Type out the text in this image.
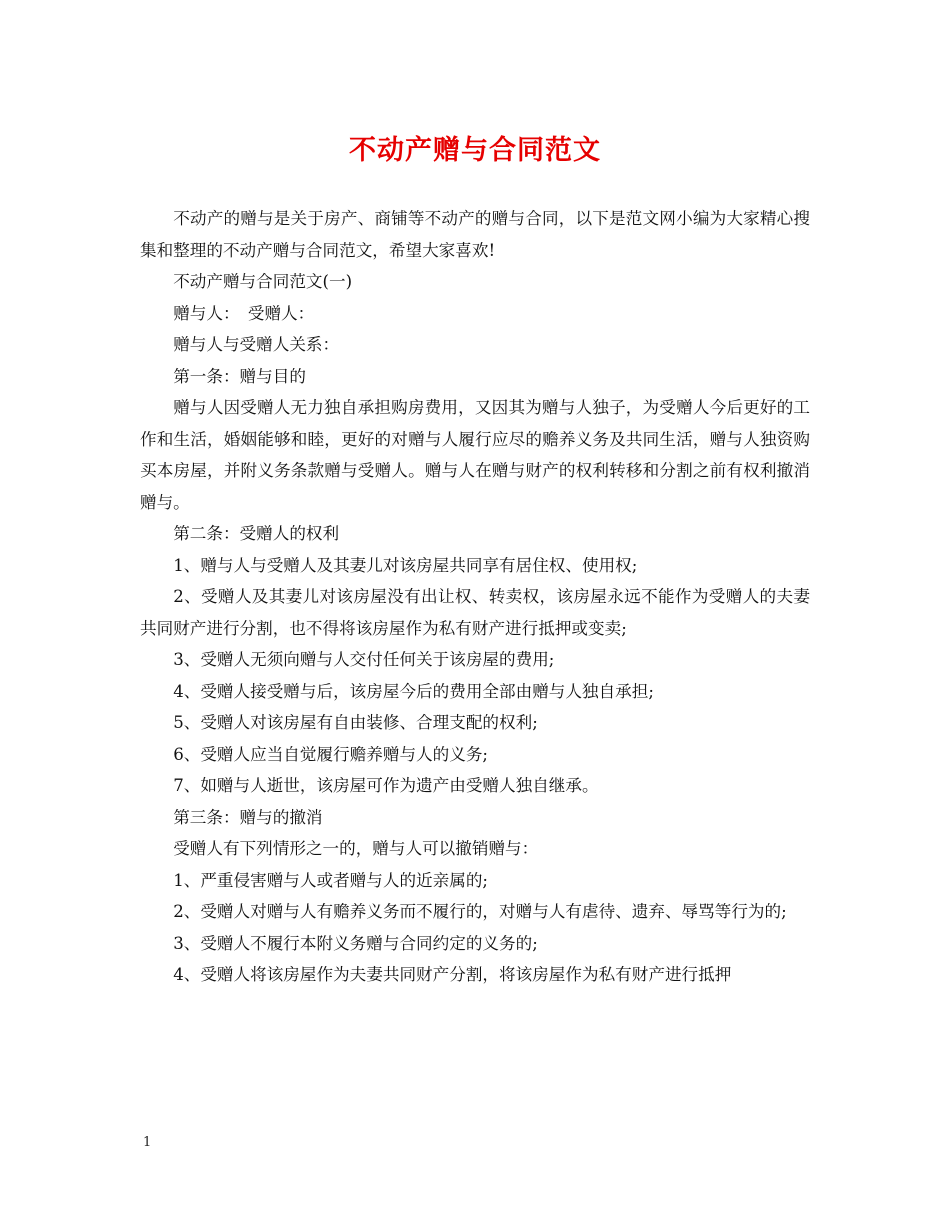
不动产赠与合同范文

不动产的赠与是关于房产、商铺等不动产的赠与合同，以下是范文网小编为大家精心搜集和整理的不动产赠与合同范文，希望大家喜欢!

不动产赠与合同范文(一)

赠与人：　受赠人：

赠与人与受赠人关系：

第一条：赠与目的

赠与人因受赠人无力独自承担购房费用，又因其为赠与人独子，为受赠人今后更好的工作和生活，婚姻能够和睦，更好的对赠与人履行应尽的赡养义务及共同生活，赠与人独资购买本房屋，并附义务条款赠与受赠人。赠与人在赠与财产的权利转移和分割之前有权利撤消赠与。

第二条：受赠人的权利

1、赠与人与受赠人及其妻儿对该房屋共同享有居住权、使用权;

2、受赠人及其妻儿对该房屋没有出让权、转卖权，该房屋永远不能作为受赠人的夫妻共同财产进行分割，也不得将该房屋作为私有财产进行抵押或变卖;

3、受赠人无须向赠与人交付任何关于该房屋的费用;

4、受赠人接受赠与后，该房屋今后的费用全部由赠与人独自承担;

5、受赠人对该房屋有自由装修、合理支配的权利;

6、受赠人应当自觉履行赡养赠与人的义务;

7、如赠与人逝世，该房屋可作为遗产由受赠人独自继承。

第三条：赠与的撤消

受赠人有下列情形之一的，赠与人可以撤销赠与：

1、严重侵害赠与人或者赠与人的近亲属的;

2、受赠人对赠与人有赡养义务而不履行的，对赠与人有虐待、遗弃、辱骂等行为的;

3、受赠人不履行本附义务赠与合同约定的义务的;

4、受赠人将该房屋作为夫妻共同财产分割，将该房屋作为私有财产进行抵押

1
